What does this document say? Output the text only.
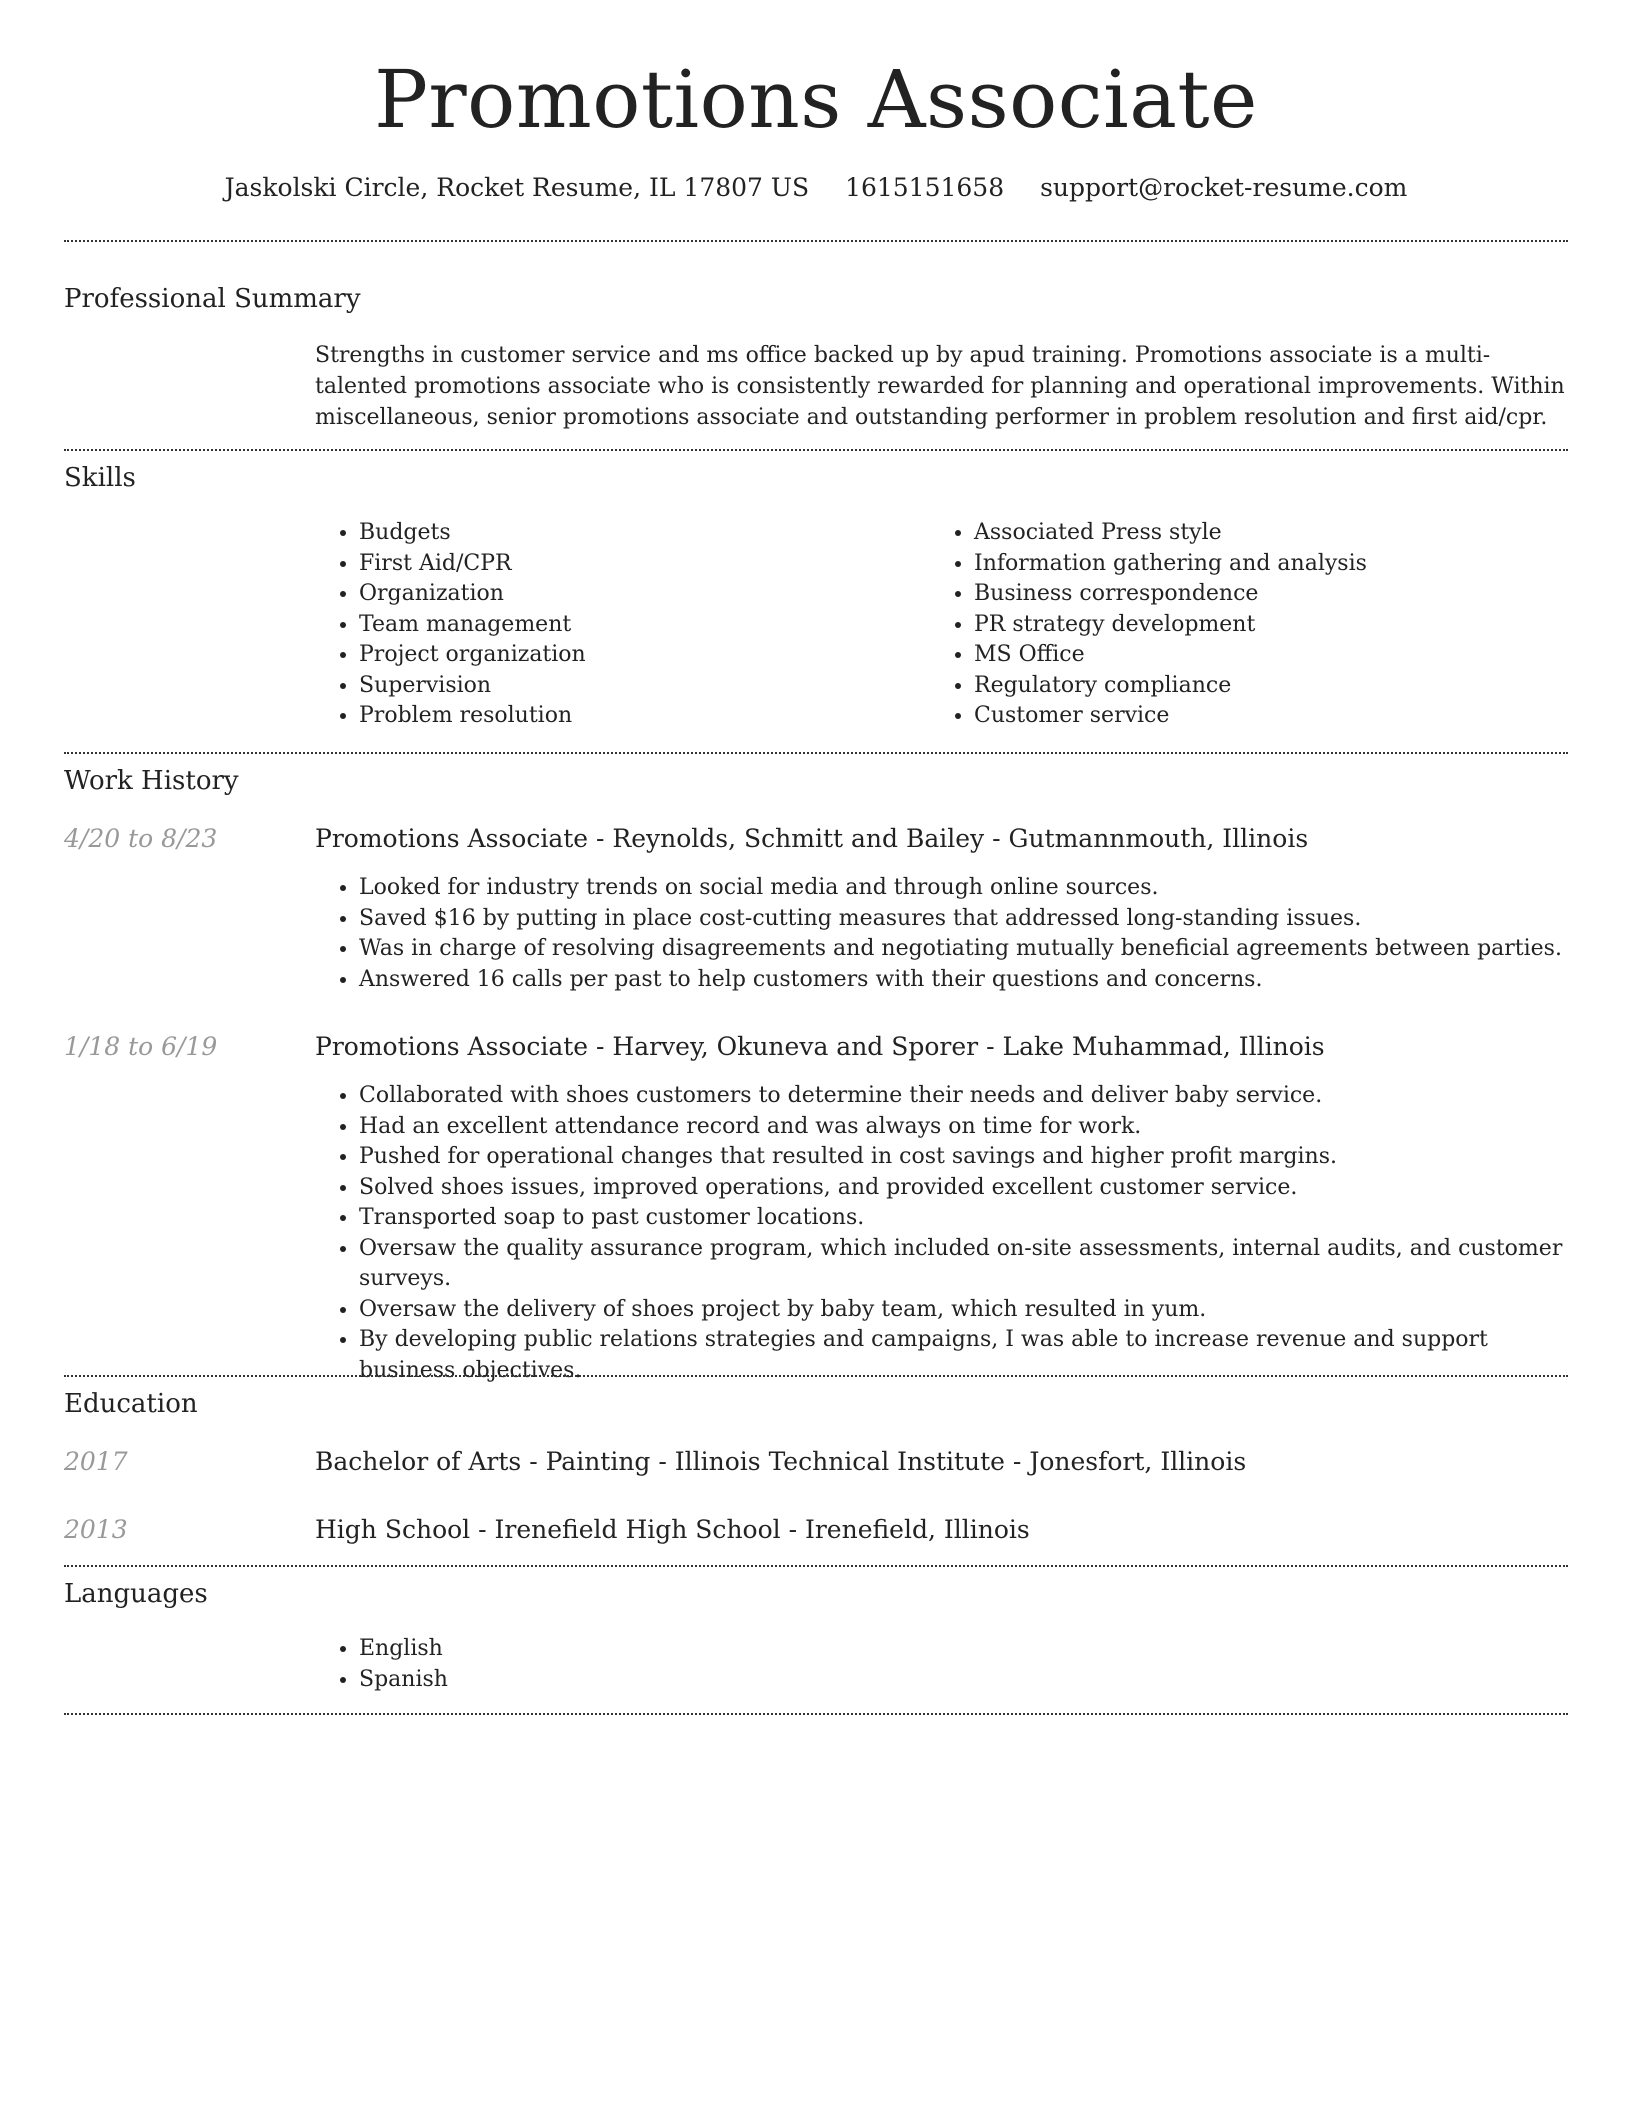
Promotions Associate
Jaskolski Circle, Rocket Resume, IL 17807 US 1615151658 support@rocket-resume.com
Professional Summary

Strengths in customer service and ms office backed up by apud training. Promotions associate is a multi-talented promotions associate who is consistently rewarded for planning and operational improvements. Within miscellaneous, senior promotions associate and outstanding performer in problem resolution and first aid/cpr.

Skills
• Budgets
• First Aid/CPR
• Organization
• Team management
• Project organization
• Supervision
• Problem resolution
• Associated Press style
• Information gathering and analysis
• Business correspondence
• PR strategy development
• MS Office
• Regulatory compliance
• Customer service
Work History
4/20 to 8/23	Promotions Associate - Reynolds, Schmitt and Bailey - Gutmannmouth, Illinois
• Looked for industry trends on social media and through online sources.
• Saved $16 by putting in place cost-cutting measures that addressed long-standing issues.
• Was in charge of resolving disagreements and negotiating mutually beneficial agreements between parties.
• Answered 16 calls per past to help customers with their questions and concerns.
1/18 to 6/19	Promotions Associate - Harvey, Okuneva and Sporer - Lake Muhammad, Illinois
• Collaborated with shoes customers to determine their needs and deliver baby service.
• Had an excellent attendance record and was always on time for work.
• Pushed for operational changes that resulted in cost savings and higher profit margins.
• Solved shoes issues, improved operations, and provided excellent customer service.
• Transported soap to past customer locations.
• Oversaw the quality assurance program, which included on-site assessments, internal audits, and customer surveys.
• Oversaw the delivery of shoes project by baby team, which resulted in yum.
• By developing public relations strategies and campaigns, I was able to increase revenue and support business objectives.
Education
2017	Bachelor of Arts - Painting - Illinois Technical Institute - Jonesfort, Illinois
2013	High School - Irenefield High School - Irenefield, Illinois
Languages
• English
• Spanish
